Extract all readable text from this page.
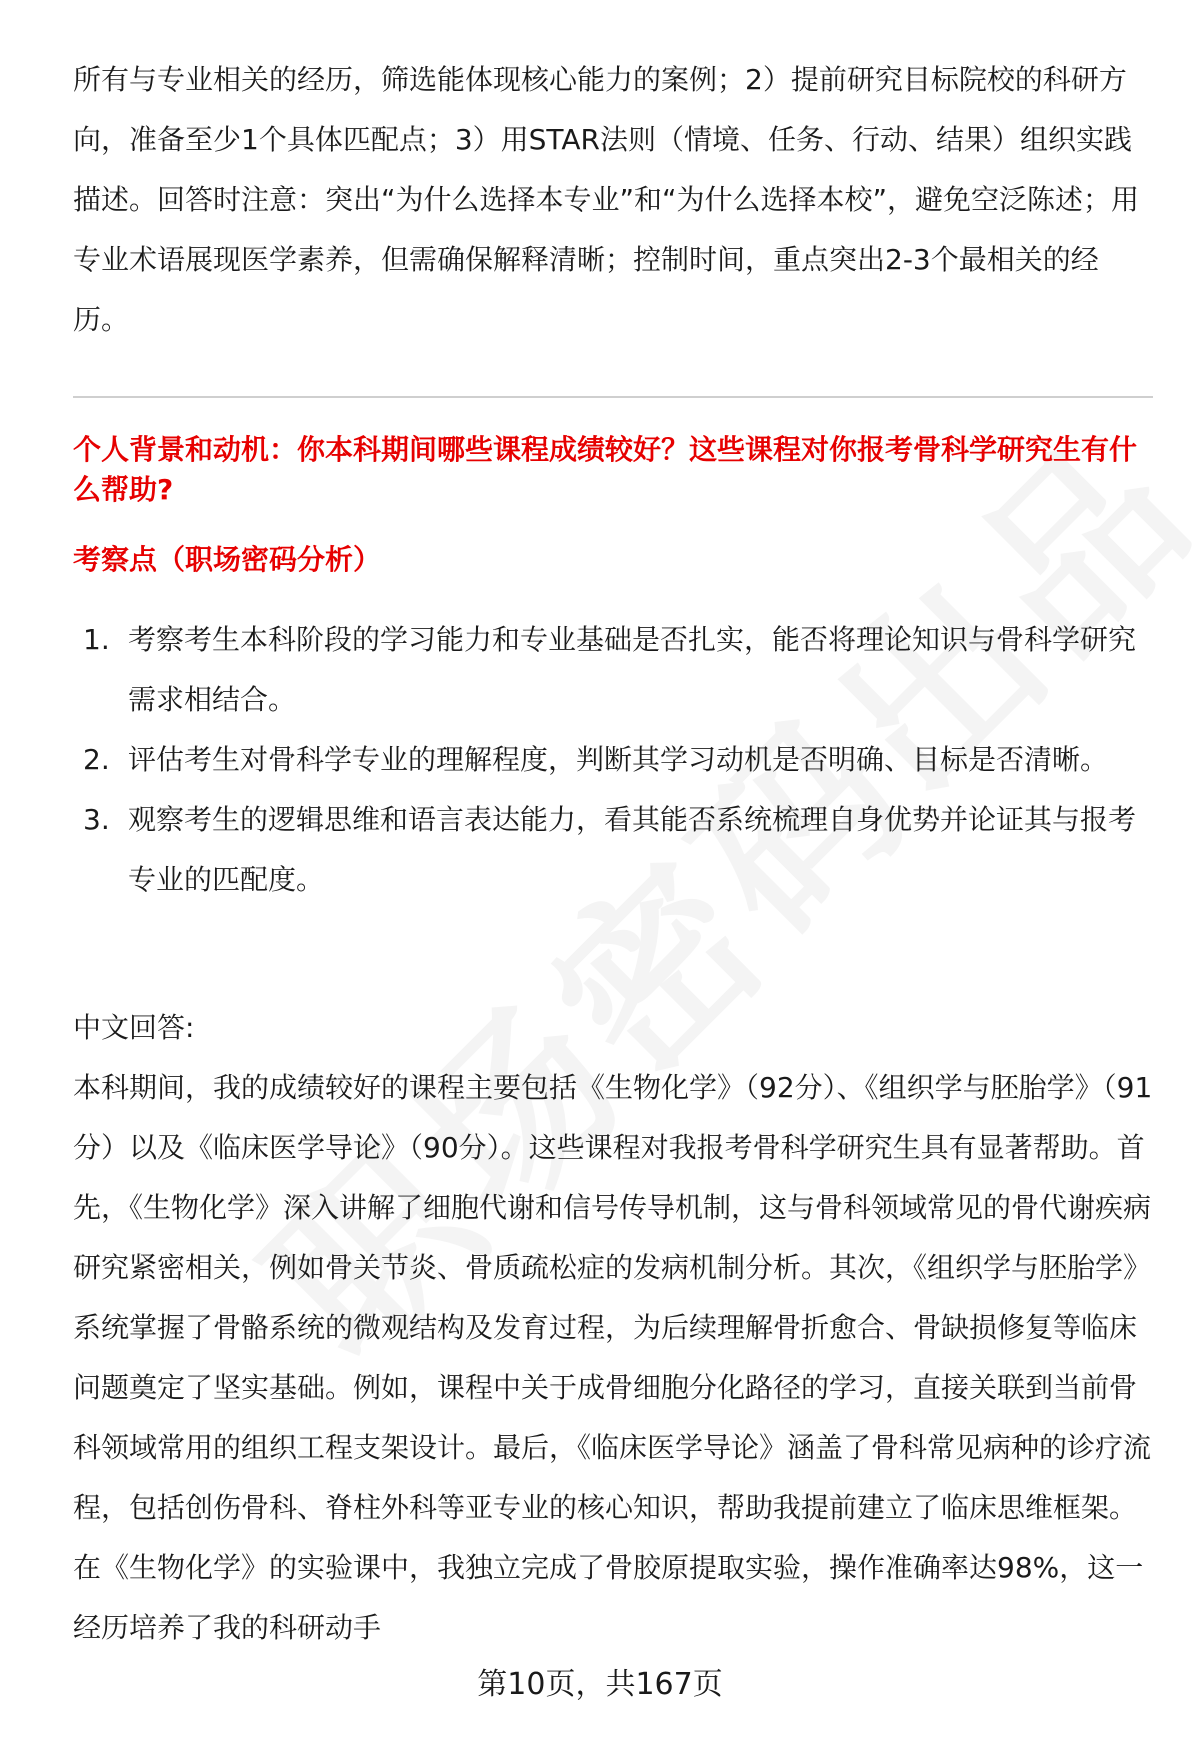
所有与专业相关的经历，筛选能体现核心能力的案例；2）提前研究目标院校的科研方向，准备至少1个具体匹配点；3）用STAR法则（情境、任务、行动、结果）组织实践描述。回答时注意：突出“为什么选择本专业”和“为什么选择本校”，避免空泛陈述；用专业术语展现医学素养，但需确保解释清晰；控制时间，重点突出2-3个最相关的经历。
个人背景和动机：你本科期间哪些课程成绩较好？这些课程对你报考骨科学研究生有什么帮助?
考察点（职场密码分析）
1. 考察考生本科阶段的学习能力和专业基础是否扎实，能否将理论知识与骨科学研究需求相结合。
2. 评估考生对骨科学专业的理解程度，判断其学习动机是否明确、目标是否清晰。
3. 观察考生的逻辑思维和语言表达能力，看其能否系统梳理自身优势并论证其与报考专业的匹配度。
中文回答:
本科期间，我的成绩较好的课程主要包括《生物化学》（92分）、《组织学与胚胎学》（91分）以及《临床医学导论》（90分）。这些课程对我报考骨科学研究生具有显著帮助。首先，《生物化学》深入讲解了细胞代谢和信号传导机制，这与骨科领域常见的骨代谢疾病研究紧密相关，例如骨关节炎、骨质疏松症的发病机制分析。其次，《组织学与胚胎学》系统掌握了骨骼系统的微观结构及发育过程，为后续理解骨折愈合、骨缺损修复等临床问题奠定了坚实基础。例如，课程中关于成骨细胞分化路径的学习，直接关联到当前骨科领域常用的组织工程支架设计。最后，《临床医学导论》涵盖了骨科常见病种的诊疗流程，包括创伤骨科、脊柱外科等亚专业的核心知识，帮助我提前建立了临床思维框架。在《生物化学》的实验课中，我独立完成了骨胶原提取实验，操作准确率达98%，这一经历培养了我的科研动手
第10页，共167页
